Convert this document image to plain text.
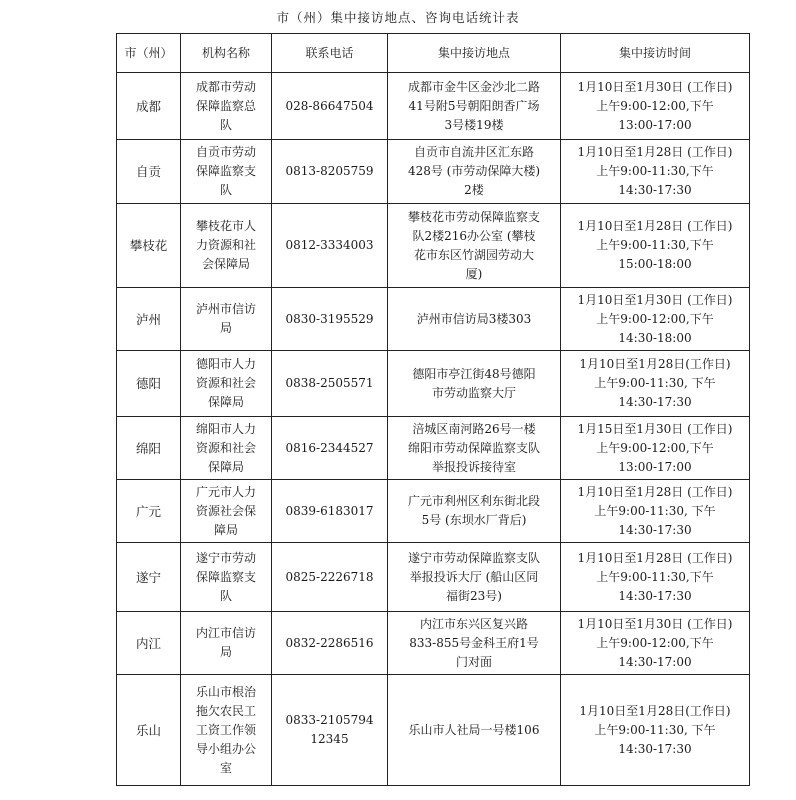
市（州）集中接访地点、咨询电话统计表
市（州）	机构名称	联系电话	集中接访地点	集中接访时间
成都	成都市劳动
保障监察总
队	028-86647504	成都市金牛区金沙北二路
41号附5号朝阳朗香广场
3号楼19楼	1月10日至1月30日 (工作日)
上午9:00-12:00,下午
13:00-17:00

自贡	自贡市劳动
保障监察支
队	0813-8205759	自贡市自流井区汇东路
428号 (市劳动保障大楼)
2楼	1月10日至1月28日 (工作日)
上午9:00-11:30,下午
14:30-17:30

攀枝花	攀枝花市人
力资源和社
会保障局	0812-3334003	攀枝花市劳动保障监察支
队2楼216办公室 (攀枝
花市东区竹湖园劳动大
厦)	1月10日至1月28日 (工作日)
上午9:00-11:30,下午
15:00-18:00

泸州	泸州市信访
局	0830-3195529	泸州市信访局3楼303	1月10日至1月30日 (工作日)
上午9:00-12:00,下午
14:30-18:00

德阳	德阳市人力
资源和社会
保障局	0838-2505571	德阳市亭江街48号德阳
市劳动监察大厅	1月10日至1月28日(工作日)
上午9:00-11:30, 下午
14:30-17:30

绵阳	绵阳市人力
资源和社会
保障局	0816-2344527	涪城区南河路26号一楼
绵阳市劳动保障监察支队
举报投诉接待室	1月15日至1月30日 (工作日)
上午9:00-12:00,下午
13:00-17:00

广元	广元市人力
资源社会保
障局	0839-6183017	广元市利州区利东街北段
5号 (东坝水厂背后)	1月10日至1月28日 (工作日)
上午9:00-11:30, 下午
14:30-17:30

遂宁	遂宁市劳动
保障监察支
队	0825-2226718	遂宁市劳动保障监察支队
举报投诉大厅 (船山区同
福街23号)	1月10日至1月28日 (工作日)
上午9:00-11:30,下午
14:30-17:30

内江	内江市信访
局	0832-2286516	内江市东兴区复兴路
833-855号金科王府1号
门对面	1月10日至1月30日 (工作日)
上午9:00-12:00,下午
14:30-17:00

乐山	乐山市根治
拖欠农民工
工资工作领
导小组办公
室	0833-2105794
12345	乐山市人社局一号楼106	1月10日至1月28日(工作日)
上午9:00-11:30, 下午
14:30-17:30
